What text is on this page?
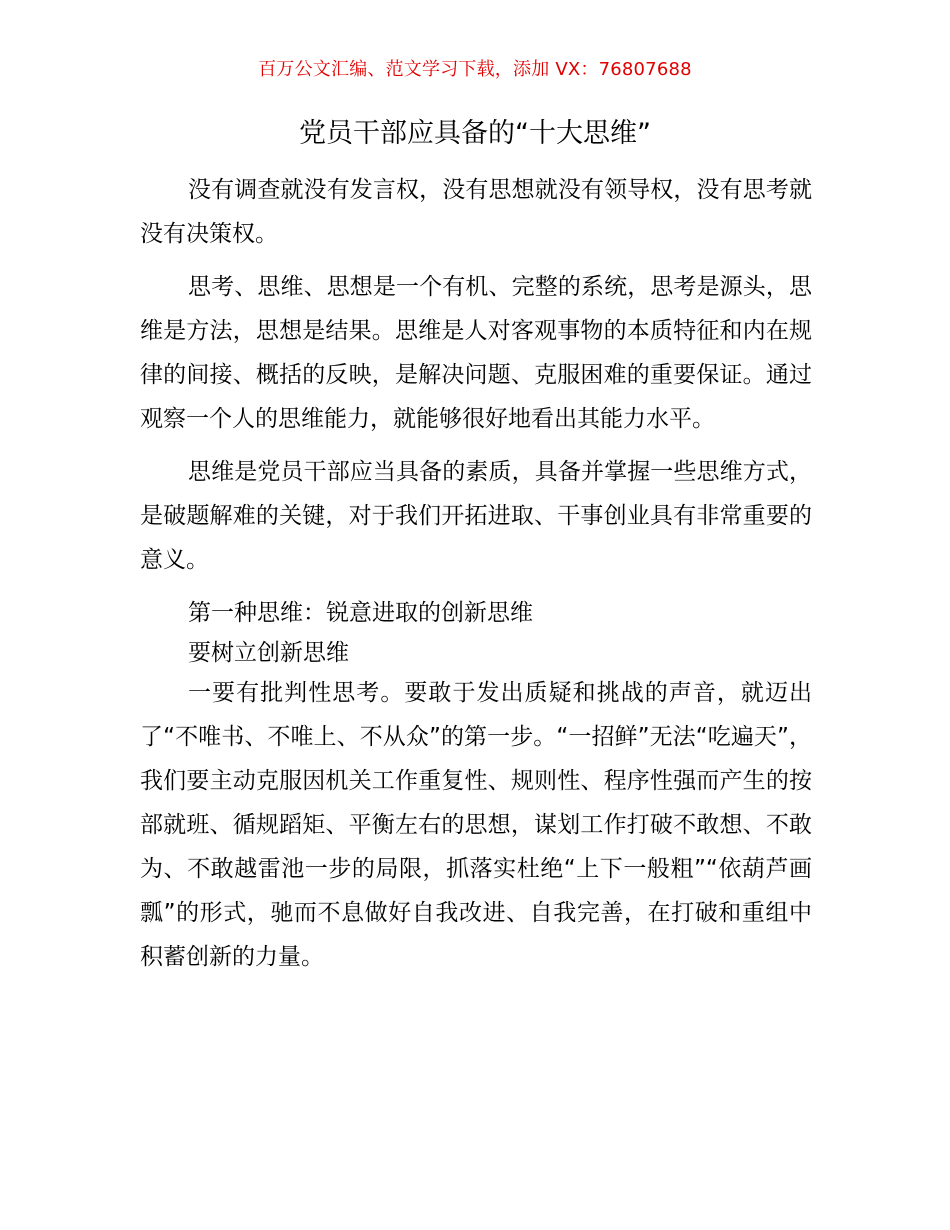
百万公文汇编、范文学习下载，添加 VX：76807688
党员干部应具备的“十大思维”

没有调查就没有发言权，没有思想就没有领导权，没有思考就没有决策权。

思考、思维、思想是一个有机、完整的系统，思考是源头，思维是方法，思想是结果。思维是人对客观事物的本质特征和内在规律的间接、概括的反映，是解决问题、克服困难的重要保证。通过观察一个人的思维能力，就能够很好地看出其能力水平。

思维是党员干部应当具备的素质，具备并掌握一些思维方式，是破题解难的关键，对于我们开拓进取、干事创业具有非常重要的意义。

第一种思维：锐意进取的创新思维

要树立创新思维

一要有批判性思考。要敢于发出质疑和挑战的声音，就迈出了“不唯书、不唯上、不从众”的第一步。“一招鲜”无法“吃遍天”，我们要主动克服因机关工作重复性、规则性、程序性强而产生的按部就班、循规蹈矩、平衡左右的思想，谋划工作打破不敢想、不敢为、不敢越雷池一步的局限，抓落实杜绝“上下一般粗”“依葫芦画瓢”的形式，驰而不息做好自我改进、自我完善，在打破和重组中积蓄创新的力量。
